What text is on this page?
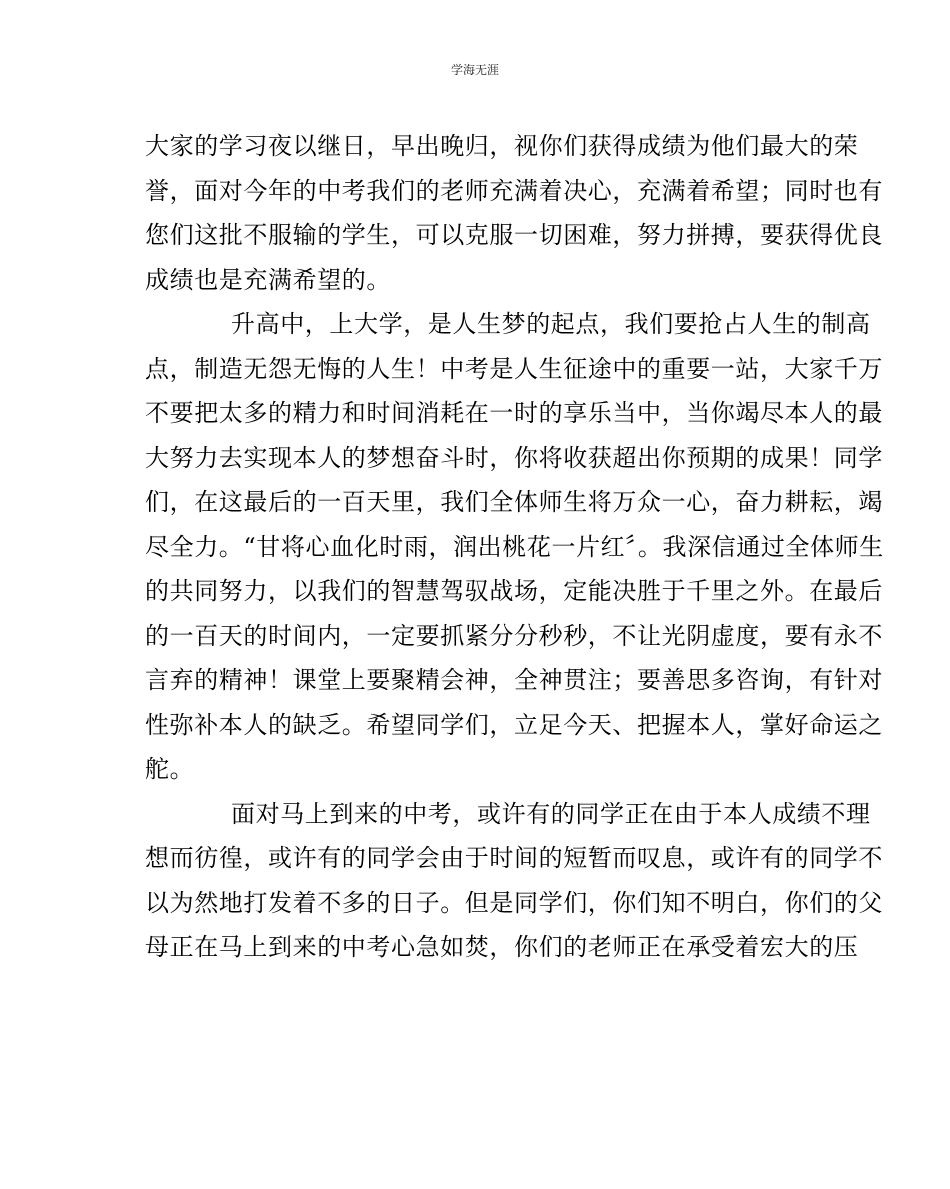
学海无涯

大家的学习夜以继日，早出晚归，视你们获得成绩为他们最大的荣
誉，面对今年的中考我们的老师充满着决心，充满着希望；同时也有
您们这批不服输的学生，可以克服一切困难，努力拼搏，要获得优良
成绩也是充满希望的。

升高中，上大学，是人生梦的起点，我们要抢占人生的制高
点，制造无怨无悔的人生！中考是人生征途中的重要一站，大家千万
不要把太多的精力和时间消耗在一时的享乐当中，当你竭尽本人的最
大努力去实现本人的梦想奋斗时，你将收获超出你预期的成果！同学
们，在这最后的一百天里，我们全体师生将万众一心，奋力耕耘，竭
尽全力。“甘将心血化时雨，润出桃花一片红〞。我深信通过全体师生
的共同努力，以我们的智慧驾驭战场，定能决胜于千里之外。在最后
的一百天的时间内，一定要抓紧分分秒秒，不让光阴虚度，要有永不
言弃的精神！课堂上要聚精会神，全神贯注；要善思多咨询，有针对
性弥补本人的缺乏。希望同学们，立足今天、把握本人，掌好命运之
舵。

面对马上到来的中考，或许有的同学正在由于本人成绩不理
想而彷徨，或许有的同学会由于时间的短暂而叹息，或许有的同学不
以为然地打发着不多的日子。但是同学们，你们知不明白，你们的父
母正在马上到来的中考心急如焚，你们的老师正在承受着宏大的压
